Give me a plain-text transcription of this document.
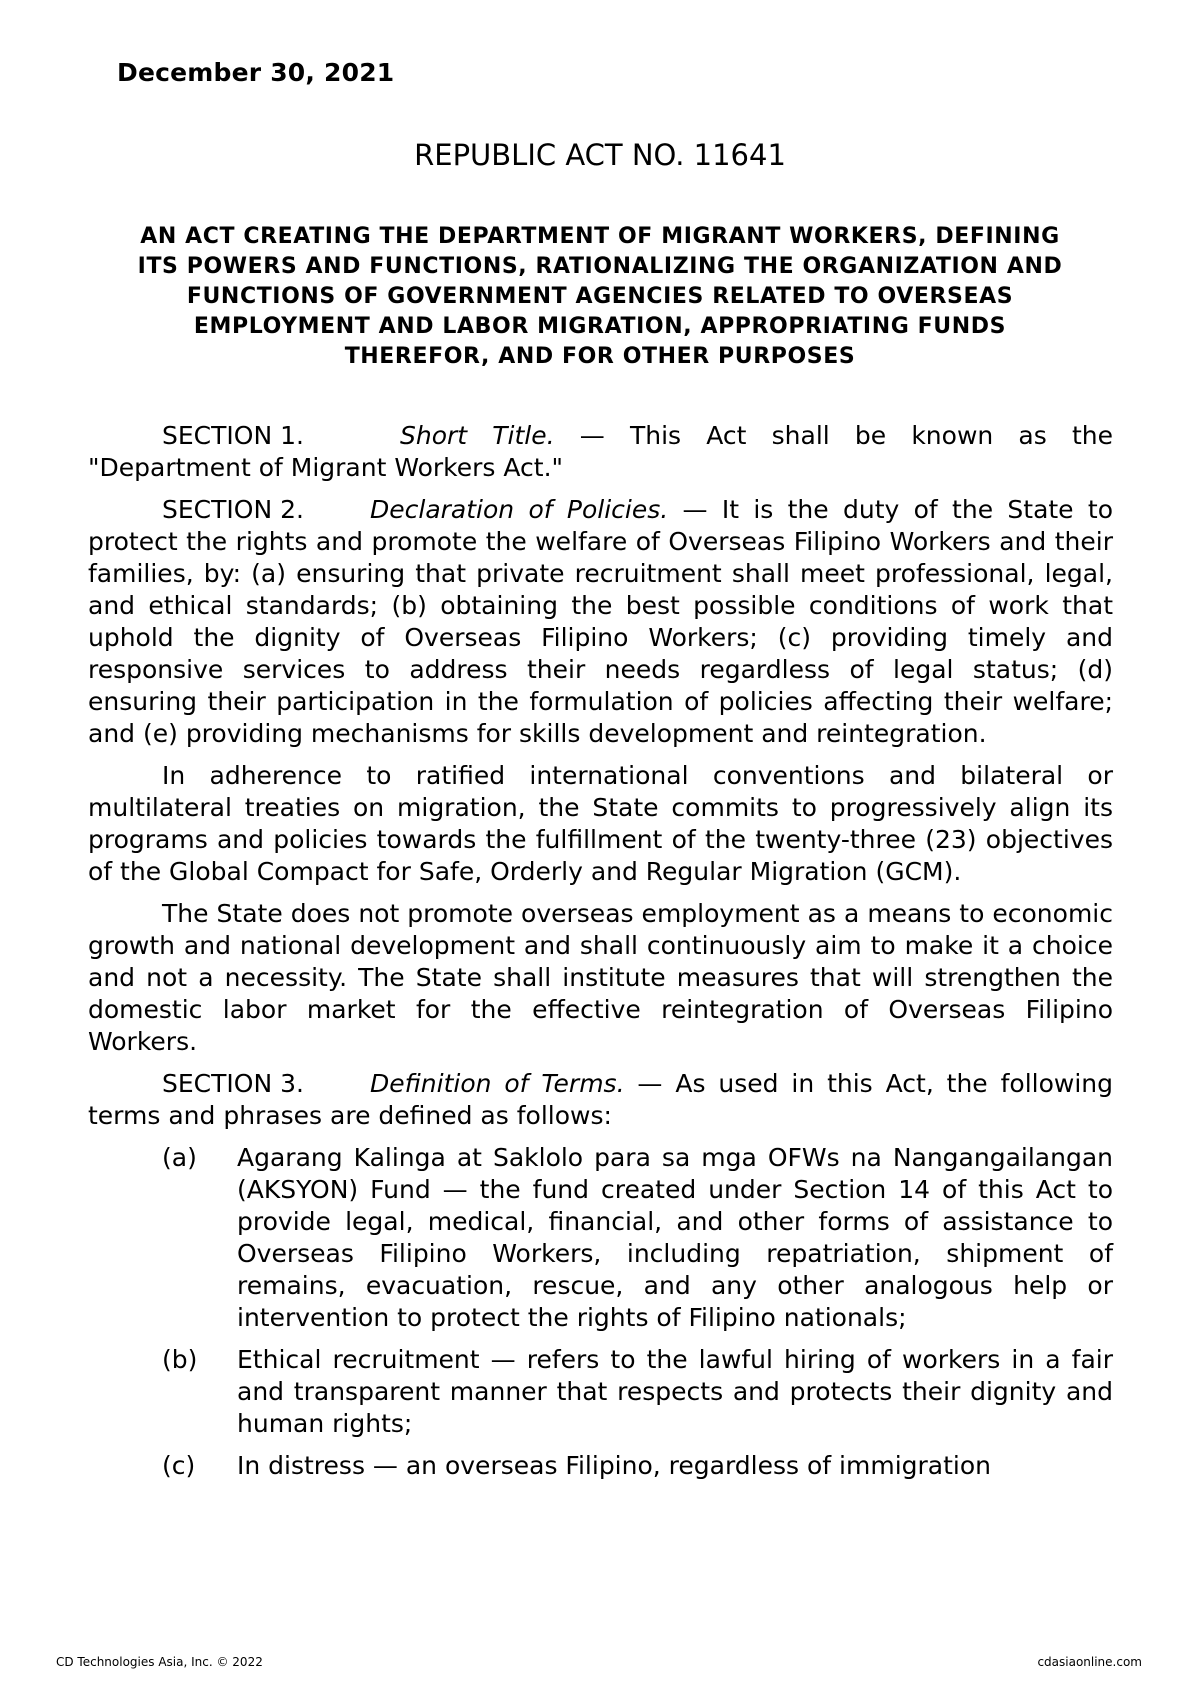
December 30, 2021
REPUBLIC ACT NO. 11641
AN ACT CREATING THE DEPARTMENT OF MIGRANT WORKERS, DEFINING ITS POWERS AND FUNCTIONS, RATIONALIZING THE ORGANIZATION AND FUNCTIONS OF GOVERNMENT AGENCIES RELATED TO OVERSEAS EMPLOYMENT AND LABOR MIGRATION, APPROPRIATING FUNDS THEREFOR, AND FOR OTHER PURPOSES

SECTION 1.	Short Title. — This Act shall be known as the "Department of Migrant Workers Act."

SECTION 2.	Declaration of Policies. — It is the duty of the State to protect the rights and promote the welfare of Overseas Filipino Workers and their families, by: (a) ensuring that private recruitment shall meet professional, legal, and ethical standards; (b) obtaining the best possible conditions of work that uphold the dignity of Overseas Filipino Workers; (c) providing timely and responsive services to address their needs regardless of legal status; (d) ensuring their participation in the formulation of policies affecting their welfare; and (e) providing mechanisms for skills development and reintegration.

In adherence to ratified international conventions and bilateral or multilateral treaties on migration, the State commits to progressively align its programs and policies towards the fulfillment of the twenty-three (23) objectives of the Global Compact for Safe, Orderly and Regular Migration (GCM).

The State does not promote overseas employment as a means to economic growth and national development and shall continuously aim to make it a choice and not a necessity. The State shall institute measures that will strengthen the domestic labor market for the effective reintegration of Overseas Filipino Workers.

SECTION 3.	Definition of Terms. — As used in this Act, the following terms and phrases are defined as follows:

(a) Agarang Kalinga at Saklolo para sa mga OFWs na Nangangailangan (AKSYON) Fund — the fund created under Section 14 of this Act to provide legal, medical, financial, and other forms of assistance to Overseas Filipino Workers, including repatriation, shipment of remains, evacuation, rescue, and any other analogous help or intervention to protect the rights of Filipino nationals;
(b) Ethical recruitment — refers to the lawful hiring of workers in a fair and transparent manner that respects and protects their dignity and human rights;
(c) In distress — an overseas Filipino, regardless of immigration
CD Technologies Asia, Inc. © 2022	cdasiaonline.com
